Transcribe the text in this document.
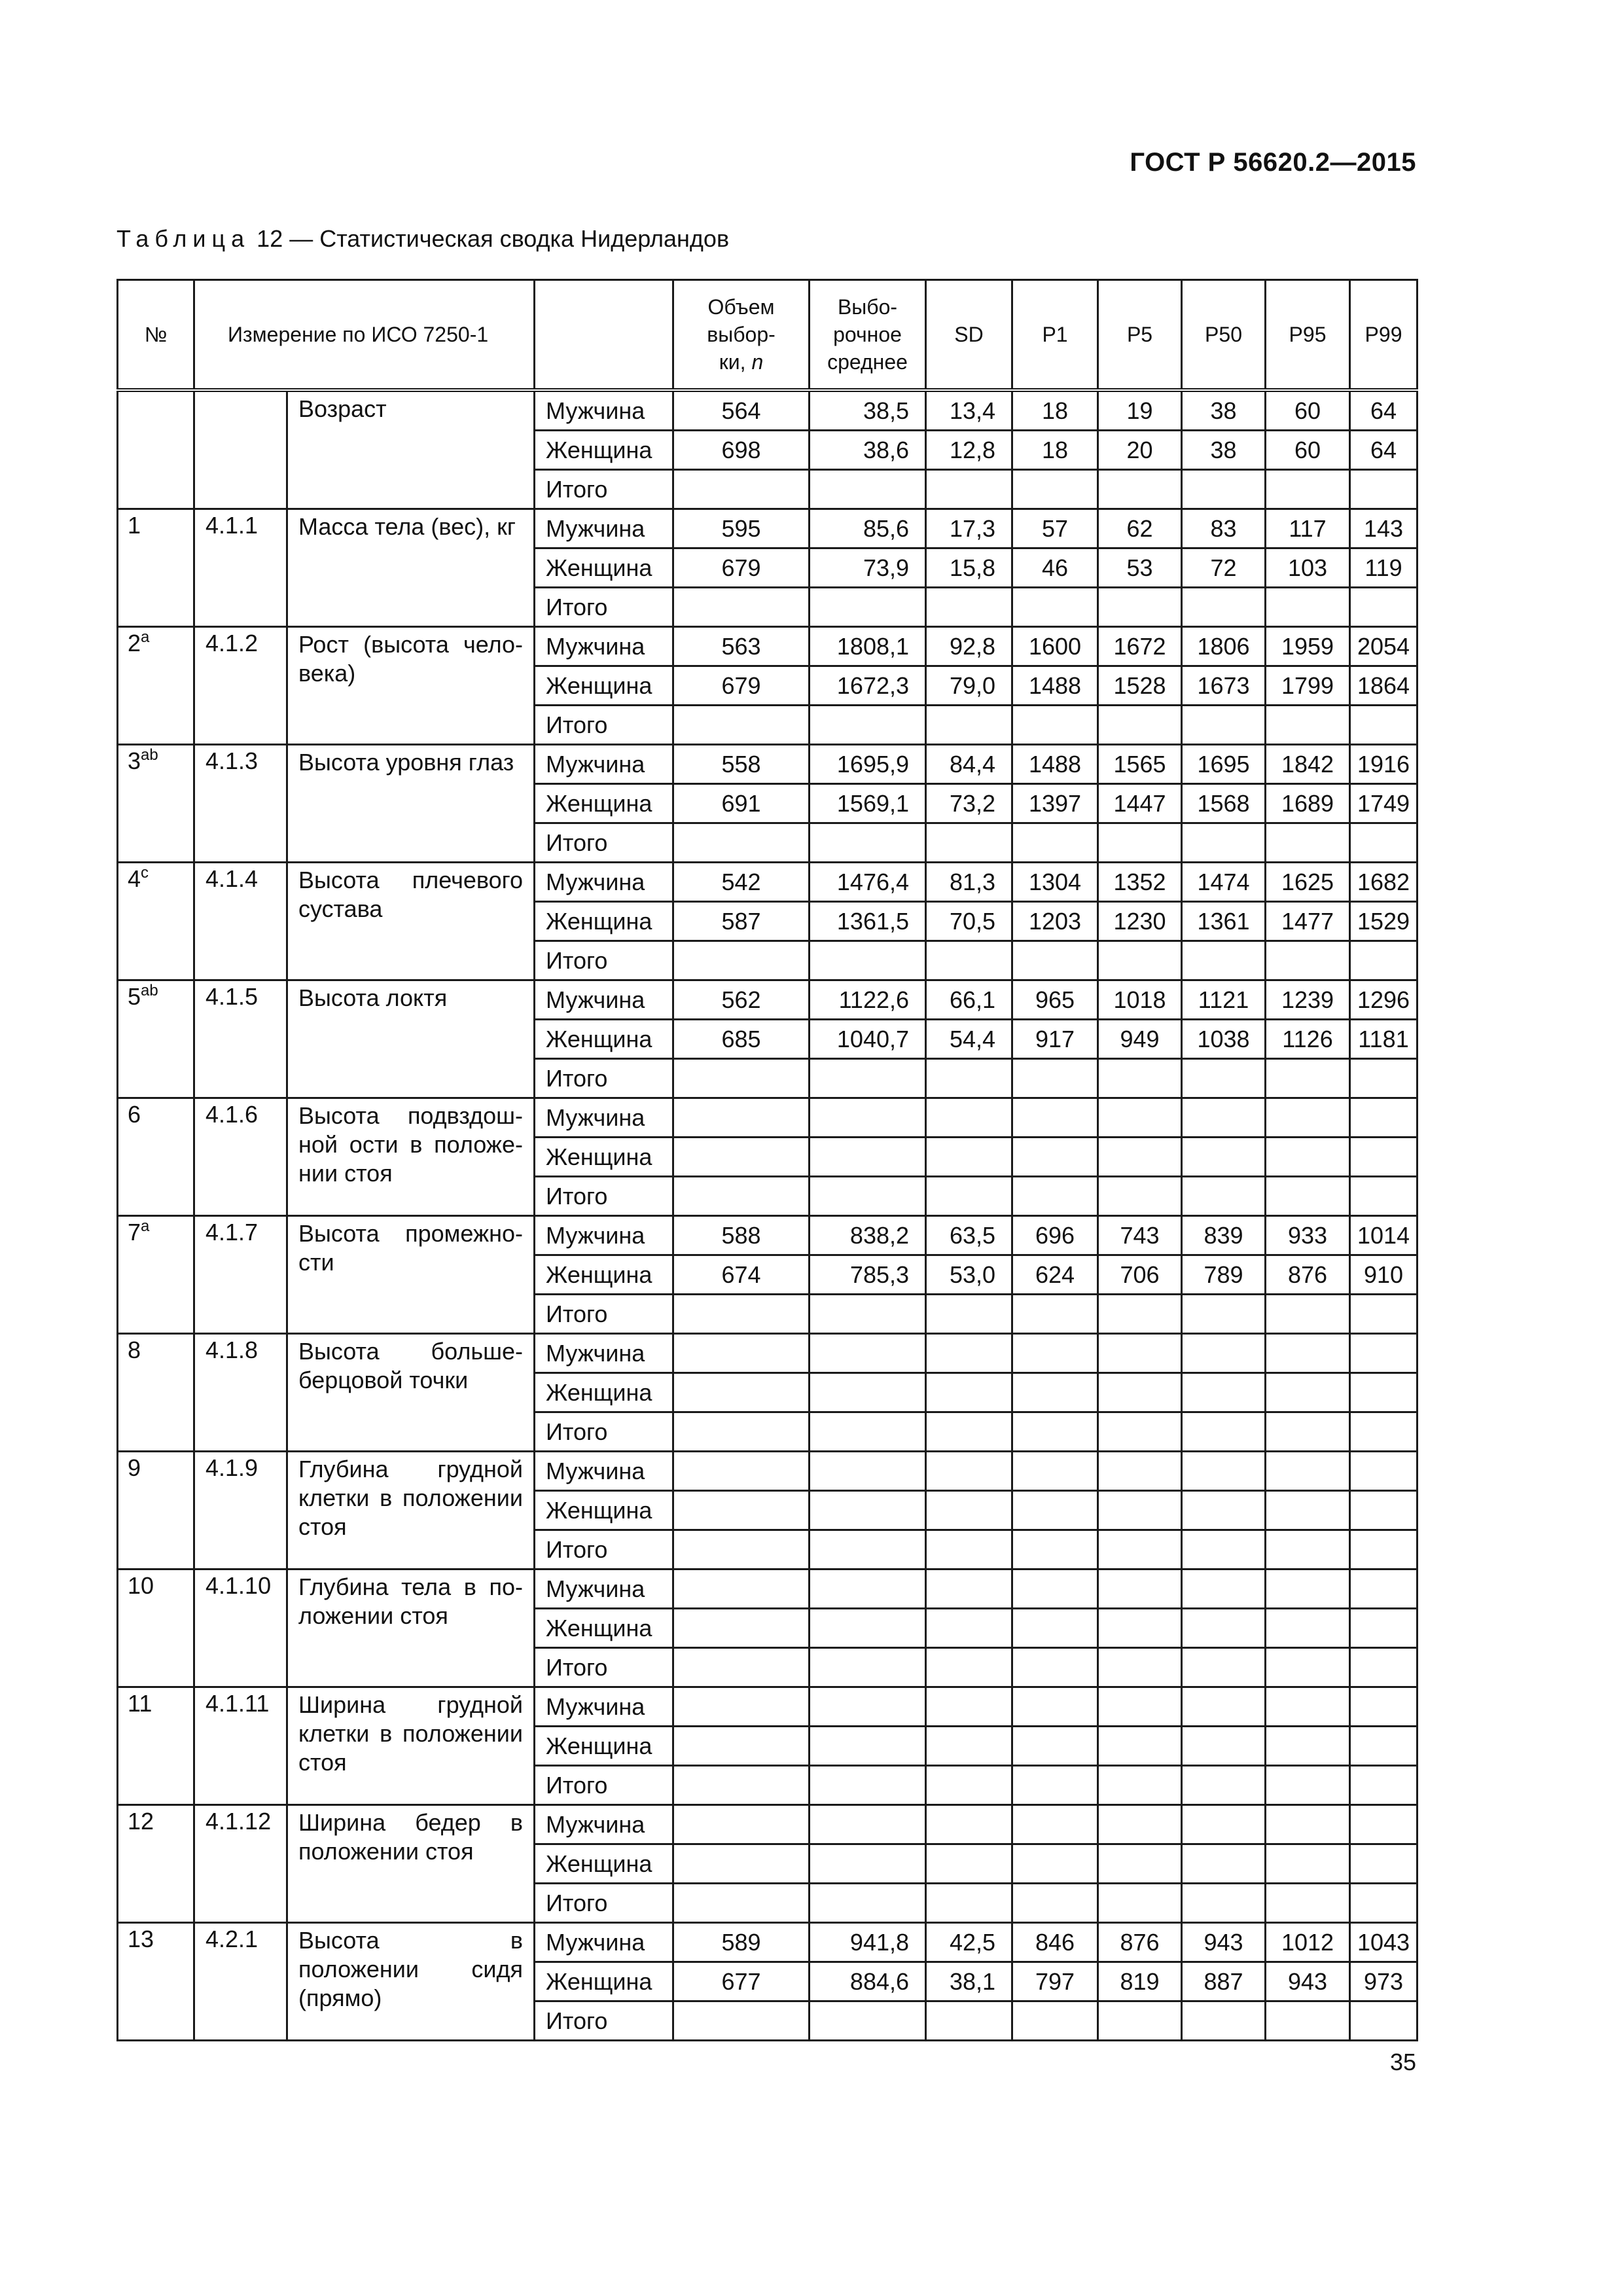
ГОСТ Р 56620.2—2015
Таблица 12 — Статистическая сводка Нидерландов
№	Измерение по ИСО 7250-1			Объем
выбор-
ки, n	Выбо-
рочное
среднее	SD	P1	P5	P50	P95	P99
		Возраст	Мужчина	564	38,5	13,4	18	19	38	60	64
			Женщина	698	38,6	12,8	18	20	38	60	64
			Итого								
1	4.1.1	Масса тела (вес), кг	Мужчина	595	85,6	17,3	57	62	83	117	143
			Женщина	679	73,9	15,8	46	53	72	103	119
			Итого								
2$^a$	4.1.2	Рост (высота человека)	Мужчина	563	1808,1	92,8	1600	1672	1806	1959	2054
			Женщина	679	1672,3	79,0	1488	1528	1673	1799	1864
			Итого								
$3^{ab}$	4.1.3	Высота уровня глаз	Мужчина	558	1695,9	84,4	1488	1565	1695	1842	1916
			Женщина	691	1569,1	73,2	1397	1447	1568	1689	1749
			Итого								
4$^c$	4.1.4	Высота плечевого сустава	Мужчина	542	1476,4	81,3	1304	1352	1474	1625	1682
			Женщина	587	1361,5	70,5	1203	1230	1361	1477	1529
			Итого								
$5^{ab}$	4.1.5	Высота локтя	Мужчина	562	1122,6	66,1	965	1018	1121	1239	1296
			Женщина	685	1040,7	54,4	917	949	1038	1126	1181
			Итого								
6	4.1.6	Высота подвздошной ости в положении стоя	Мужчина								
			Женщина								
			Итого								
7$^a$	4.1.7	Высота промежности	Мужчина	588	838,2	63,5	696	743	839	933	1014
			Женщина	674	785,3	53,0	624	706	789	876	910
			Итого								
8	4.1.8	Высота большеберцовой точки	Мужчина								
			Женщина								
			Итого								
9	4.1.9	Глубина грудной клетки в положении стоя	Мужчина								
			Женщина								
			Итого								
10	4.1.10	Глубина тела в положении стоя	Мужчина								
			Женщина								
			Итого								
11	4.1.11	Ширина грудной клетки в положении стоя	Мужчина								
			Женщина								
			Итого								
12	4.1.12	Ширина бедер в положении стоя	Мужчина								
			Женщина								
			Итого								
13	4.2.1	Высота в положении сидя (прямо)	Мужчина	589	941,8	42,5	846	876	943	1012	1043
			Женщина	677	884,6	38,1	797	819	887	943	973
			Итого								
35
